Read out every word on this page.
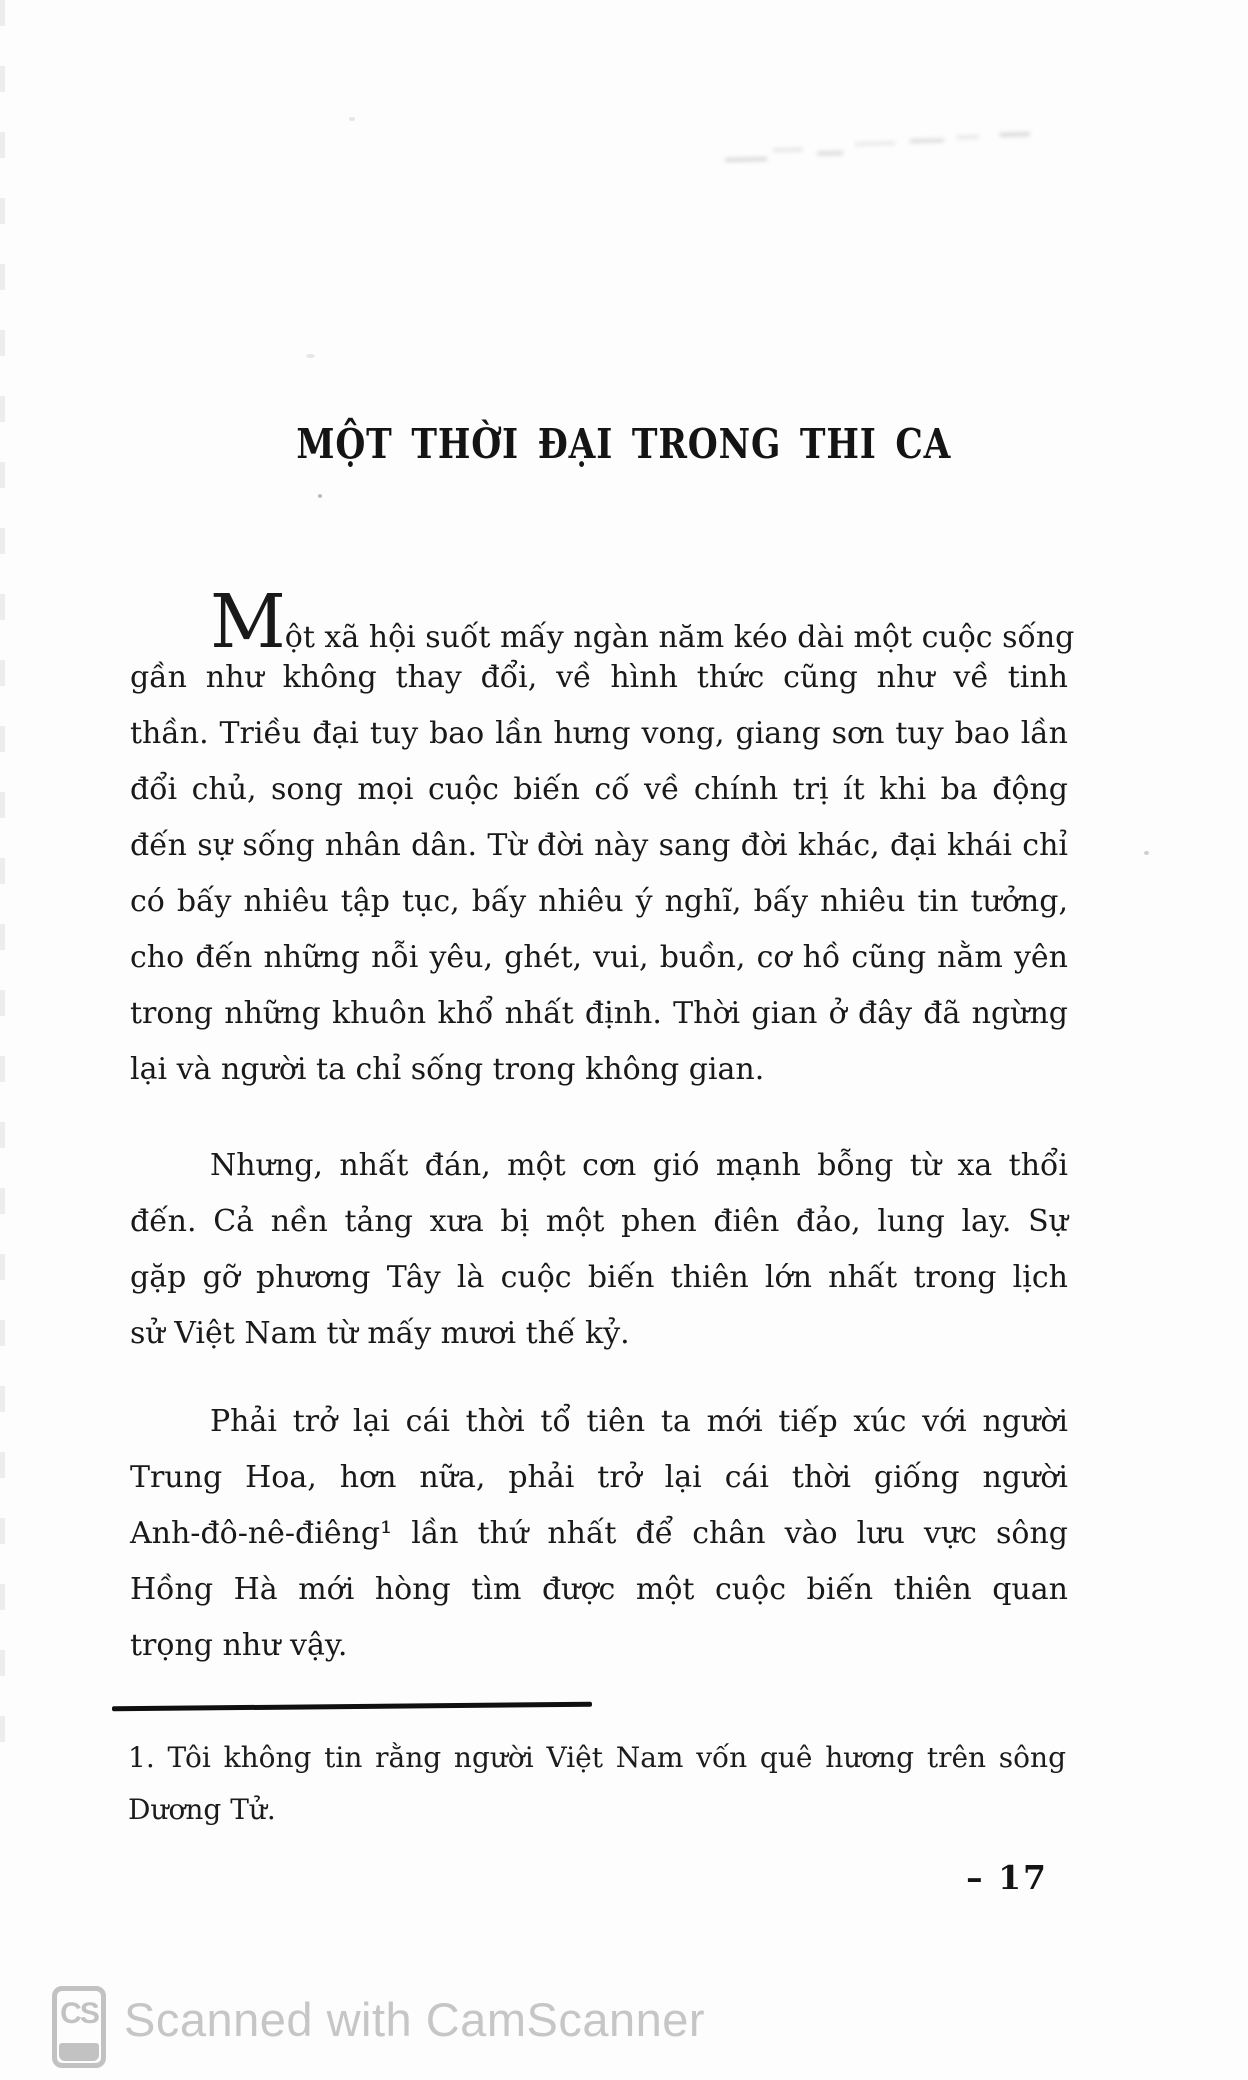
MỘT THỜI ĐẠI TRONG THI CA
Một xã hội suốt mấy ngàn năm kéo dài một cuộc sống
gần như không thay đổi, về hình thức cũng như về tinh
thần. Triều đại tuy bao lần hưng vong, giang sơn tuy bao lần
đổi chủ, song mọi cuộc biến cố về chính trị ít khi ba động
đến sự sống nhân dân. Từ đời này sang đời khác, đại khái chỉ
có bấy nhiêu tập tục, bấy nhiêu ý nghĩ, bấy nhiêu tin tưởng,
cho đến những nỗi yêu, ghét, vui, buồn, cơ hồ cũng nằm yên
trong những khuôn khổ nhất định. Thời gian ở đây đã ngừng
lại và người ta chỉ sống trong không gian.
Nhưng, nhất đán, một cơn gió mạnh bỗng từ xa thổi
đến. Cả nền tảng xưa bị một phen điên đảo, lung lay. Sự
gặp gỡ phương Tây là cuộc biến thiên lớn nhất trong lịch
sử Việt Nam từ mấy mươi thế kỷ.
Phải trở lại cái thời tổ tiên ta mới tiếp xúc với người
Trung Hoa, hơn nữa, phải trở lại cái thời giống người
Anh-đô-nê-điêng¹ lần thứ nhất để chân vào lưu vực sông
Hồng Hà mới hòng tìm được một cuộc biến thiên quan
trọng như vậy.
1. Tôi không tin rằng người Việt Nam vốn quê hương trên sông
Dương Tử.
– 17
CS Scanned with CamScanner
